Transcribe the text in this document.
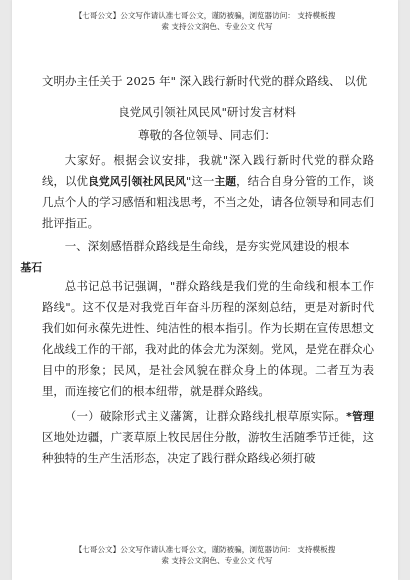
【七哥公文】公文写作请认准七哥公文，谨防被骗，浏览器访问： 支持模板搜
索 支持公文润色、专业公文 代写
文明办主任关于 2025 年" 深入践行新时代党的群众路线、 以优
良党风引领社风民风"研讨发言材料
尊敬的各位领导、同志们：

大家好。根据会议安排，我就"深入践行新时代党的群众路线，以优良党风引领社风民风"这一主题，结合自身分管的工作，谈几点个人的学习感悟和粗浅思考，不当之处，请各位领导和同志们批评指正。

一、深刻感悟群众路线是生命线，是夯实党风建设的根本
基石

总书记总书记强调，"群众路线是我们党的生命线和根本工作路线"。这不仅是对我党百年奋斗历程的深刻总结，更是对新时代我们如何永葆先进性、纯洁性的根本指引。作为长期在宣传思想文化战线工作的干部，我对此的体会尤为深刻。党风，是党在群众心目中的形象；民风，是社会风貌在群众身上的体现。二者互为表里，而连接它们的根本纽带，就是群众路线。

（一）破除形式主义藩篱，让群众路线扎根草原实际。*管理区地处边疆，广袤草原上牧民居住分散，游牧生活随季节迁徙，这种独特的生产生活形态，决定了践行群众路线必须打破

【七哥公文】公文写作请认准七哥公文，谨防被骗，浏览器访问： 支持模板搜
索 支持公文润色、专业公文 代写
